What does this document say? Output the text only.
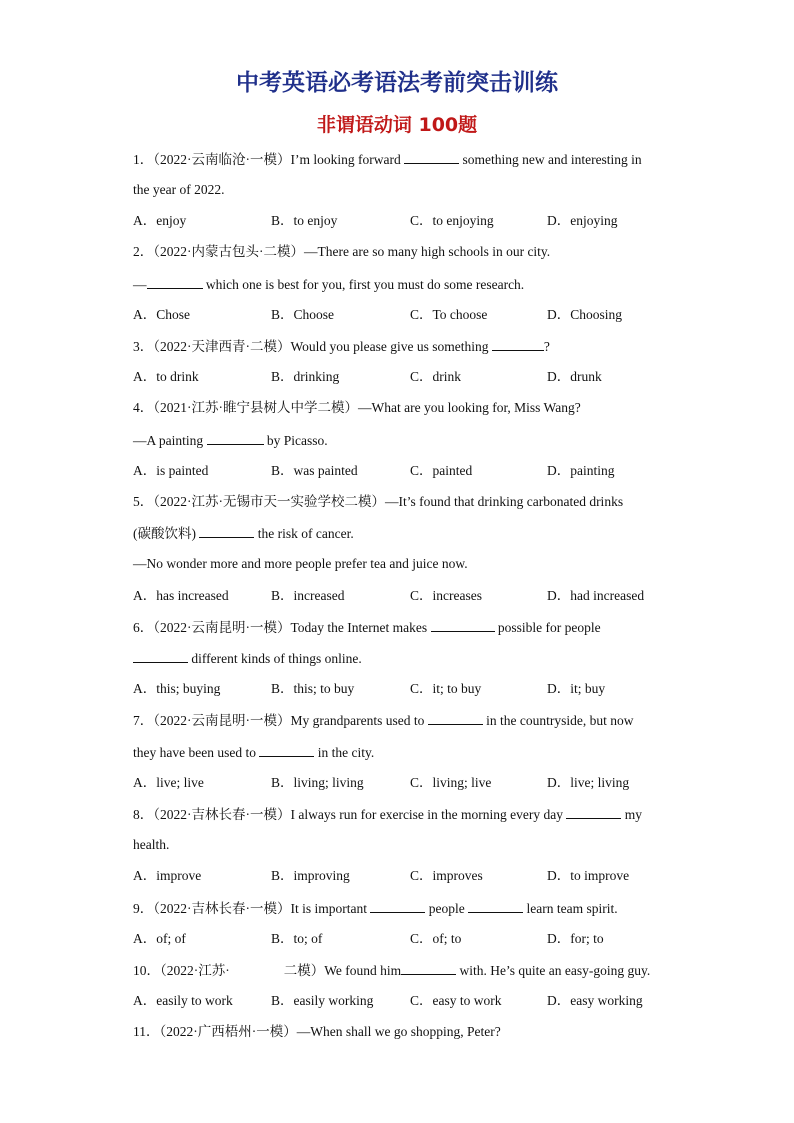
中考英语必考语法考前突击训练
非谓语动词 100题
1．（2022·云南临沧·一模）I’m looking forward	something new and interesting in
the year of 2022.
A．enjoy	B．to enjoy	C．to enjoying	D．enjoying
2．（2022·内蒙古包头·二模）—There are so many high schools in our city.
—	which one is best for you, first you must do some research.
A．Chose	B．Choose	C．To choose	D．Choosing
3．（2022·天津西青·二模）Would you please give us something	?
A．to drink	B．drinking	C．drink	D．drunk
4．（2021·江苏·睢宁县树人中学二模）—What are you looking for, Miss Wang?
—A painting	by Picasso.
A．is painted	B．was painted	C．painted	D．painting
5．（2022·江苏·无锡市天一实验学校二模）—It’s found that drinking carbonated drinks
(碳酸饮料)	the risk of cancer.
—No wonder more and more people prefer tea and juice now.
A．has increased	B．increased	C．increases	D．had increased
6．（2022·云南昆明·一模）Today the Internet makes	possible for people
different kinds of things online.
A．this; buying	B．this; to buy	C．it; to buy	D．it; buy
7．（2022·云南昆明·一模）My grandparents used to	in the countryside, but now
they have been used to	in the city.
A．live; live	B．living; living	C．living; live	D．live; living
8．（2022·吉林长春·一模）I always run for exercise in the morning every day	my
health.
A．improve	B．improving	C．improves	D．to improve
9．（2022·吉林长春·一模）It is important	people	learn team spirit.
A．of; of	B．to; of	C．of; to	D．for; to
10．（2022·江苏·                二模）We found him	with. He’s quite an easy-going guy.
A．easily to work	B．easily working	C．easy to work	D．easy working
11．（2022·广西梧州·一模）—When shall we go shopping, Peter?
